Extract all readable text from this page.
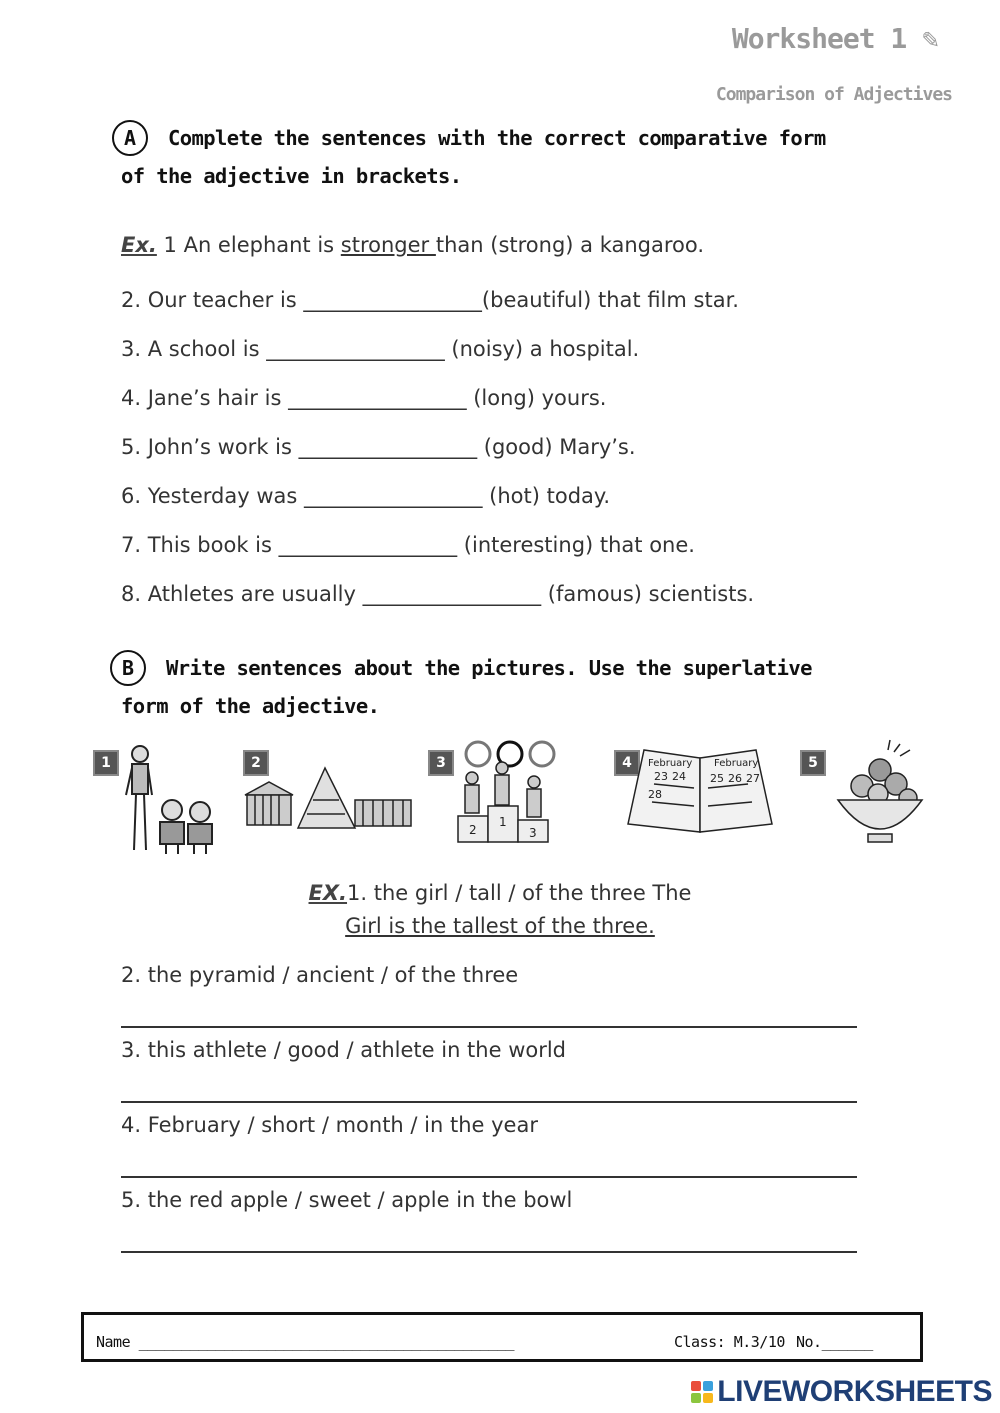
Worksheet 1 ✎
Comparison of Adjectives
A	Complete the sentences with the correct comparative form
of the adjective in brackets.
Ex. 1 An elephant is stronger than (strong) a kangaroo.
2. Our teacher is _________________(beautiful) that film star.
3. A school is _________________ (noisy) a hospital.
4. Jane’s hair is _________________ (long) yours.
5. John’s work is _________________ (good) Mary’s.
6. Yesterday was _________________ (hot) today.
7. This book is _________________ (interesting) that one.
8. Athletes are usually _________________ (famous) scientists.
B	Write sentences about the pictures. Use the superlative
form of the adjective.
1	2	3
1
2	3
4	February February
23 24 25 26 27
28
5
EX.1. the girl / tall / of the three The
Girl is the tallest of the three.
2. the pyramid / ancient / of the three
3. this athlete / good / athlete in the world
4. February / short / month / in the year
5. the red apple / sweet / apple in the bowl
Name ____________________________________________	Class: M.3/10 No.______
LIVEWORKSHEETS
